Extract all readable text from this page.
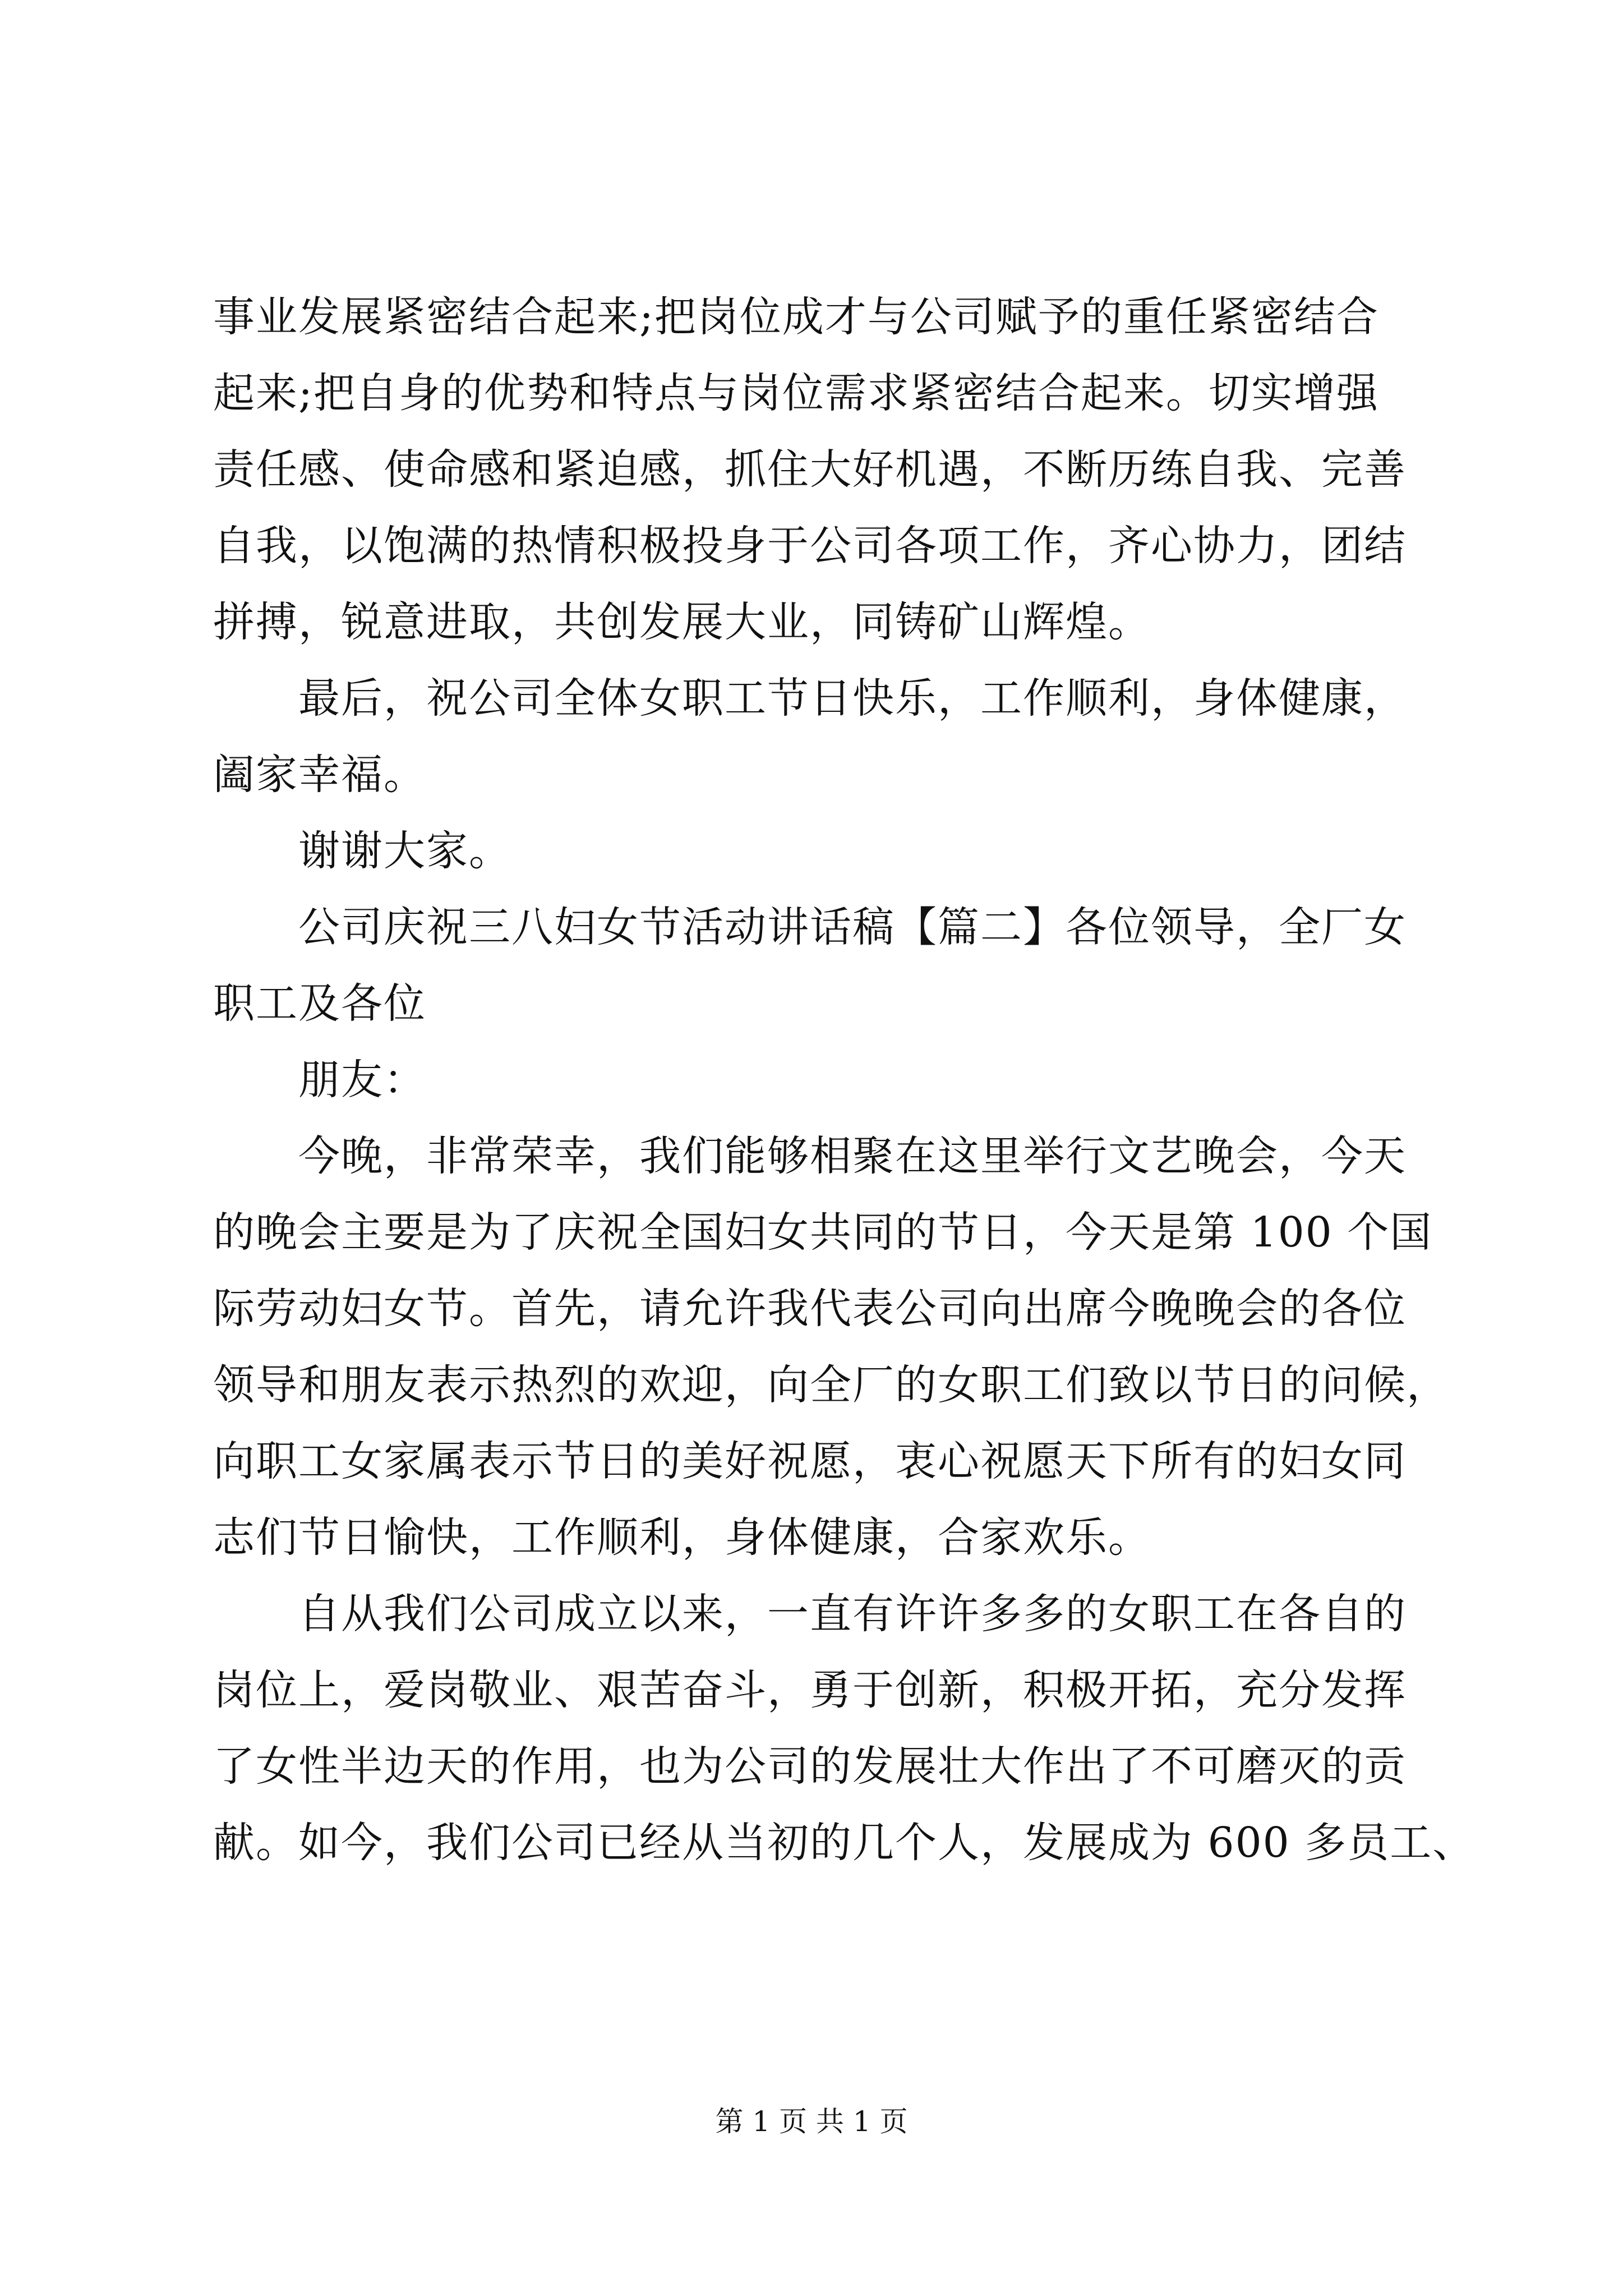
事业发展紧密结合起来;把岗位成才与公司赋予的重任紧密结合
起来;把自身的优势和特点与岗位需求紧密结合起来。切实增强
责任感、使命感和紧迫感，抓住大好机遇，不断历练自我、完善
自我，以饱满的热情积极投身于公司各项工作，齐心协力，团结
拼搏，锐意进取，共创发展大业，同铸矿山辉煌。
最后，祝公司全体女职工节日快乐，工作顺利，身体健康，
阖家幸福。
谢谢大家。
公司庆祝三八妇女节活动讲话稿【篇二】各位领导，全厂女
职工及各位
朋友：
今晚，非常荣幸，我们能够相聚在这里举行文艺晚会，今天
的晚会主要是为了庆祝全国妇女共同的节日，今天是第 100 个国
际劳动妇女节。首先，请允许我代表公司向出席今晚晚会的各位
领导和朋友表示热烈的欢迎，向全厂的女职工们致以节日的问候，
向职工女家属表示节日的美好祝愿，衷心祝愿天下所有的妇女同
志们节日愉快，工作顺利，身体健康，合家欢乐。
自从我们公司成立以来，一直有许许多多的女职工在各自的
岗位上，爱岗敬业、艰苦奋斗，勇于创新，积极开拓，充分发挥
了女性半边天的作用，也为公司的发展壮大作出了不可磨灭的贡
献。如今，我们公司已经从当初的几个人，发展成为 600 多员工、
第 1 页 共 1 页
